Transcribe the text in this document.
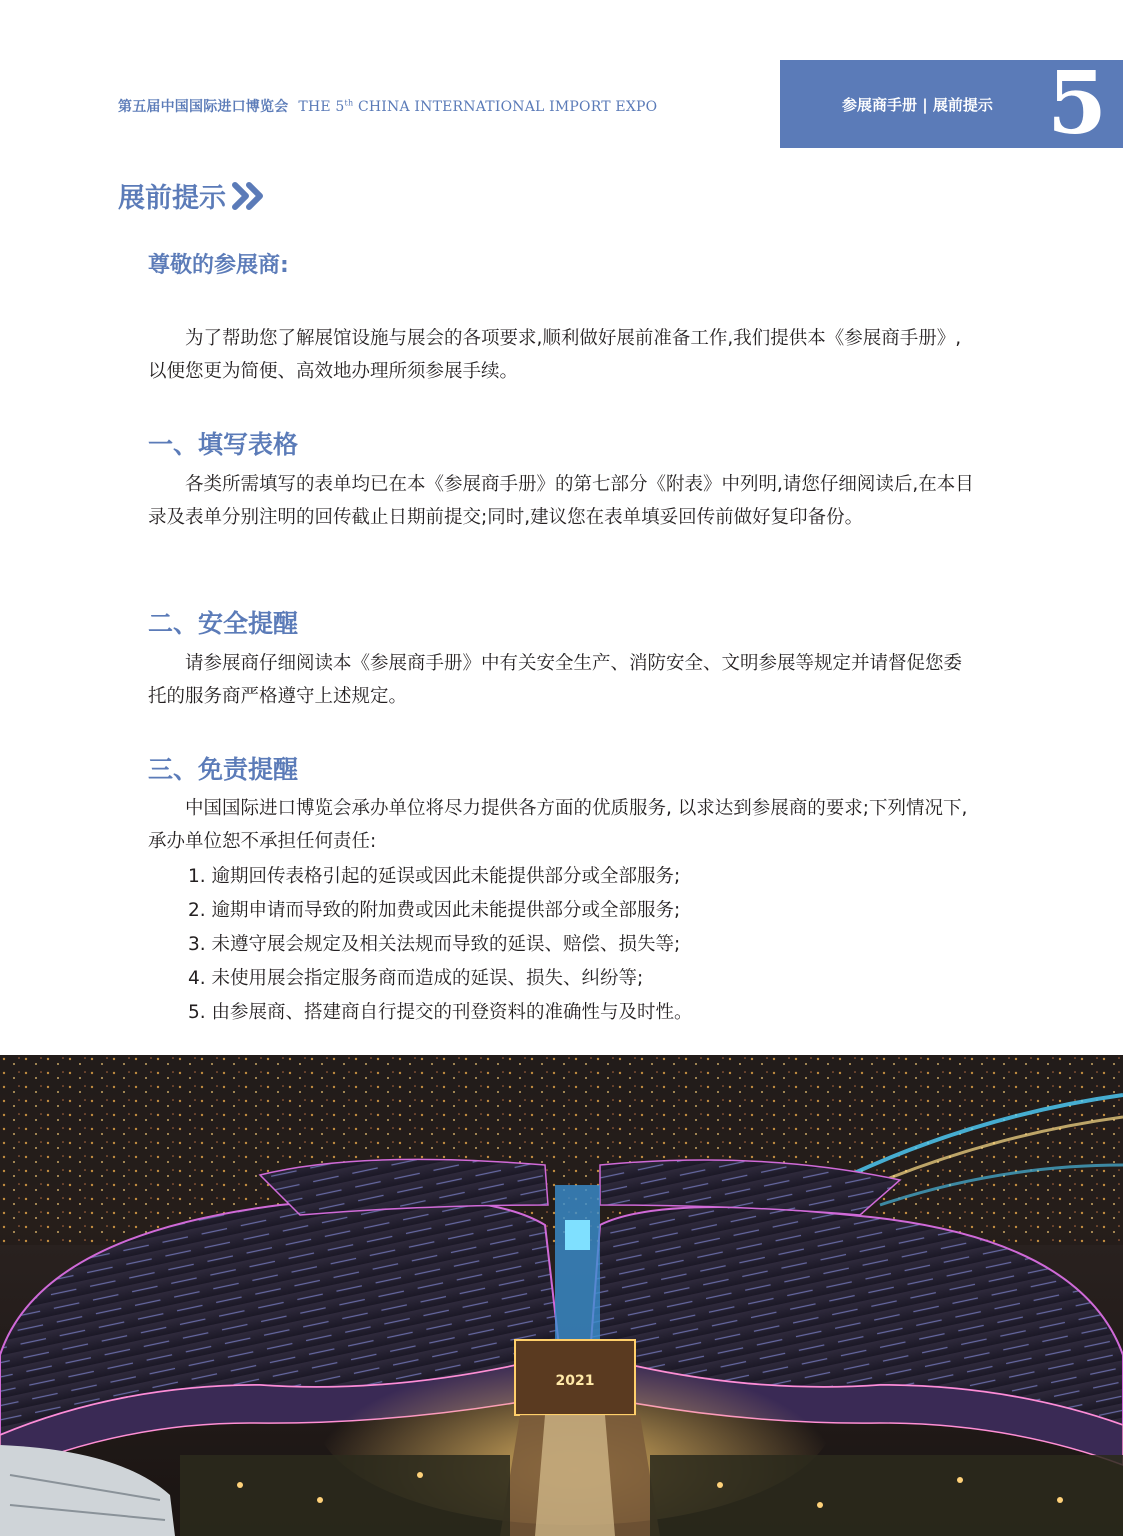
第五届中国国际进口博览会 THE 5th CHINA INTERNATIONAL IMPORT EXPO	参展商手册 | 展前提示 5
展前提示
尊敬的参展商:

为了帮助您了解展馆设施与展会的各项要求,顺利做好展前准备工作,我们提供本《参展商手册》,以便您更为简便、高效地办理所须参展手续。

一、填写表格

各类所需填写的表单均已在本《参展商手册》的第七部分《附表》中列明,请您仔细阅读后,在本目录及表单分别注明的回传截止日期前提交;同时,建议您在表单填妥回传前做好复印备份。

二、安全提醒

请参展商仔细阅读本《参展商手册》中有关安全生产、消防安全、文明参展等规定并请督促您委托的服务商严格遵守上述规定。

三、免责提醒

中国国际进口博览会承办单位将尽力提供各方面的优质服务, 以求达到参展商的要求;下列情况下,承办单位恕不承担任何责任:

1. 逾期回传表格引起的延误或因此未能提供部分或全部服务;
2. 逾期申请而导致的附加费或因此未能提供部分或全部服务;
3. 未遵守展会规定及相关法规而导致的延误、赔偿、损失等;
4. 未使用展会指定服务商而造成的延误、损失、纠纷等;
5. 由参展商、搭建商自行提交的刊登资料的准确性与及时性。
2021
